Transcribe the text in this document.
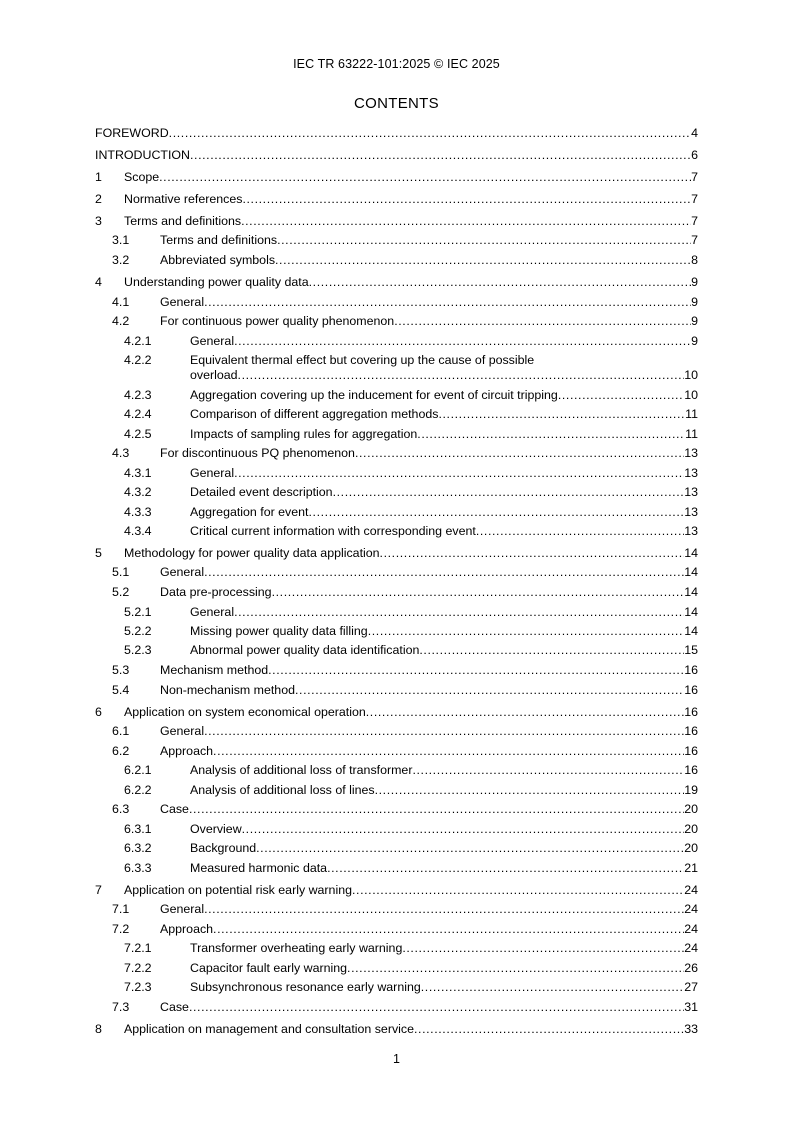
IEC TR 63222-101:2025 © IEC 2025
CONTENTS
FOREWORD .....	4
INTRODUCTION .....	6
1	Scope .....	7
2	Normative references .....	7
3	Terms and definitions .....	7
3.1	Terms and definitions .....	7
3.2	Abbreviated symbols .....	8
4	Understanding power quality data .....	9
4.1	General .....	9
4.2	For continuous power quality phenomenon .....	9
4.2.1	General .....	9
4.2.2	Equivalent thermal effect but covering up the cause of possible
overload .....	10
4.2.3	Aggregation covering up the inducement for event of circuit tripping .....	10
4.2.4	Comparison of different aggregation methods .....	11
4.2.5	Impacts of sampling rules for aggregation .....	11
4.3	For discontinuous PQ phenomenon .....	13
4.3.1	General .....	13
4.3.2	Detailed event description .....	13
4.3.3	Aggregation for event .....	13
4.3.4	Critical current information with corresponding event .....	13
5	Methodology for power quality data application .....	14
5.1	General .....	14
5.2	Data pre-processing .....	14
5.2.1	General .....	14
5.2.2	Missing power quality data filling .....	14
5.2.3	Abnormal power quality data identification .....	15
5.3	Mechanism method .....	16
5.4	Non-mechanism method .....	16
6	Application on system economical operation .....	16
6.1	General .....	16
6.2	Approach .....	16
6.2.1	Analysis of additional loss of transformer .....	16
6.2.2	Analysis of additional loss of lines .....	19
6.3	Case .....	20
6.3.1	Overview .....	20
6.3.2	Background .....	20
6.3.3	Measured harmonic data .....	21
7	Application on potential risk early warning .....	24
7.1	General .....	24
7.2	Approach .....	24
7.2.1	Transformer overheating early warning .....	24
7.2.2	Capacitor fault early warning .....	26
7.2.3	Subsynchronous resonance early warning .....	27
7.3	Case .....	31
8	Application on management and consultation service .....	33
1
